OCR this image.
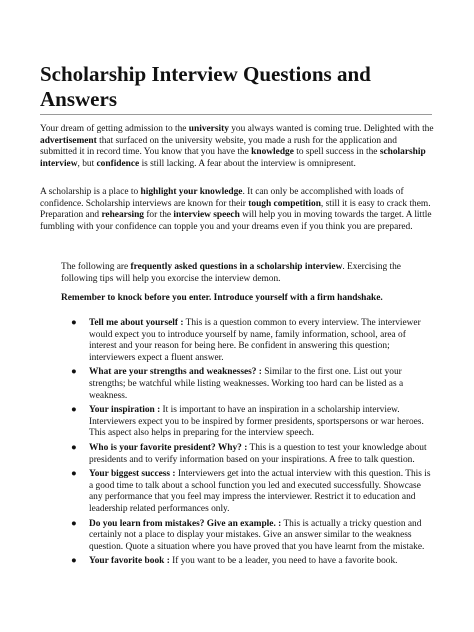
Scholarship Interview Questions and Answers

Your dream of getting admission to the university you always wanted is coming true. Delighted with the advertisement that surfaced on the university website, you made a rush for the application and submitted it in record time. You know that you have the knowledge to spell success in the scholarship interview, but confidence is still lacking. A fear about the interview is omnipresent.

A scholarship is a place to highlight your knowledge. It can only be accomplished with loads of confidence. Scholarship interviews are known for their tough competition, still it is easy to crack them. Preparation and rehearsing for the interview speech will help you in moving towards the target. A little fumbling with your confidence can topple you and your dreams even if you think you are prepared.

The following are frequently asked questions in a scholarship interview. Exercising the following tips will help you exorcise the interview demon.

Remember to knock before you enter. Introduce yourself with a firm handshake.

● Tell me about yourself : This is a question common to every interview. The interviewer would expect you to introduce yourself by name, family information, school, area of interest and your reason for being here. Be confident in answering this question; interviewers expect a fluent answer.
● What are your strengths and weaknesses? : Similar to the first one. List out your strengths; be watchful while listing weaknesses. Working too hard can be listed as a weakness.
● Your inspiration : It is important to have an inspiration in a scholarship interview. Interviewers expect you to be inspired by former presidents, sportspersons or war heroes. This aspect also helps in preparing for the interview speech.
● Who is your favorite president? Why? : This is a question to test your knowledge about presidents and to verify information based on your inspirations. A free to talk question.
● Your biggest success : Interviewers get into the actual interview with this question. This is a good time to talk about a school function you led and executed successfully. Showcase any performance that you feel may impress the interviewer. Restrict it to education and leadership related performances only.
● Do you learn from mistakes? Give an example. : This is actually a tricky question and certainly not a place to display your mistakes. Give an answer similar to the weakness question. Quote a situation where you have proved that you have learnt from the mistake.
● Your favorite book : If you want to be a leader, you need to have a favorite book.
